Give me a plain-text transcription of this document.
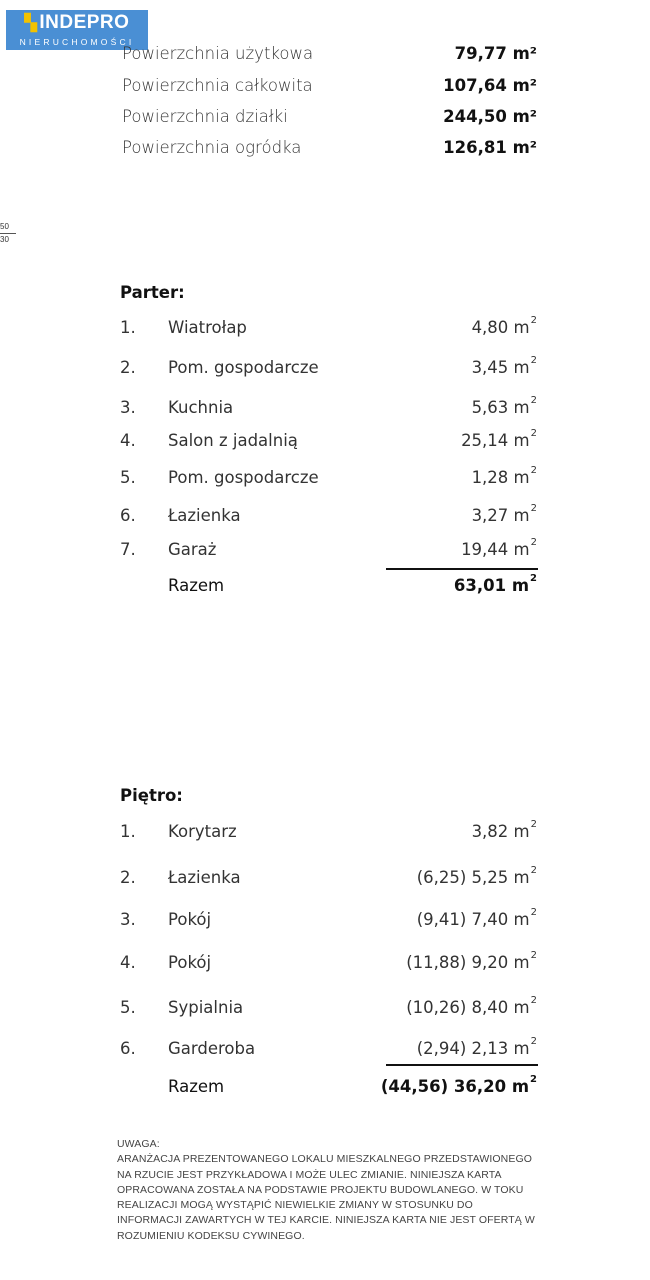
▚ INDEPRO
NIERUCHOMOŚCI
50
30
Powierzchnia użytkowa	79,77 m²
Powierzchnia całkowita	107,64 m²
Powierzchnia działki	244,50 m²
Powierzchnia ogródka	126,81 m²
Parter:
1. Wiatrołap	4,80 $m^2$
2. Pom. gospodarcze	3,45 $m^2$
3. Kuchnia	5,63 $m^2$
4. Salon z jadalnią	25,14 $m^2$
5. Pom. gospodarcze	1,28 $m^2$
6. Łazienka	3,27 $m^2$
7. Garaż	19,44 $m^2$
Razem	63,01 $m^2$
Piętro:
1. Korytarz	3,82 $m^2$
2. Łazienka	(6,25) 5,25 $m^2$
3. Pokój	(9,41) 7,40 $m^2$
4. Pokój	(11,88) 9,20 $m^2$
5. Sypialnia	(10,26) 8,40 $m^2$
6. Garderoba	(2,94) 2,13 $m^2$
Razem	(44,56) 36,20 $m^2$

UWAGA:

ARANŻACJA PREZENTOWANEGO LOKALU MIESZKALNEGO PRZEDSTAWIONEGO

NA RZUCIE JEST PRZYKŁADOWA I MOŻE ULEC ZMIANIE. NINIEJSZA KARTA

OPRACOWANA ZOSTAŁA NA PODSTAWIE PROJEKTU BUDOWLANEGO. W TOKU

REALIZACJI MOGĄ WYSTĄPIĆ NIEWIELKIE ZMIANY W STOSUNKU DO

INFORMACJI ZAWARTYCH W TEJ KARCIE. NINIEJSZA KARTA NIE JEST OFERTĄ W

ROZUMIENIU KODEKSU CYWINEGO.
